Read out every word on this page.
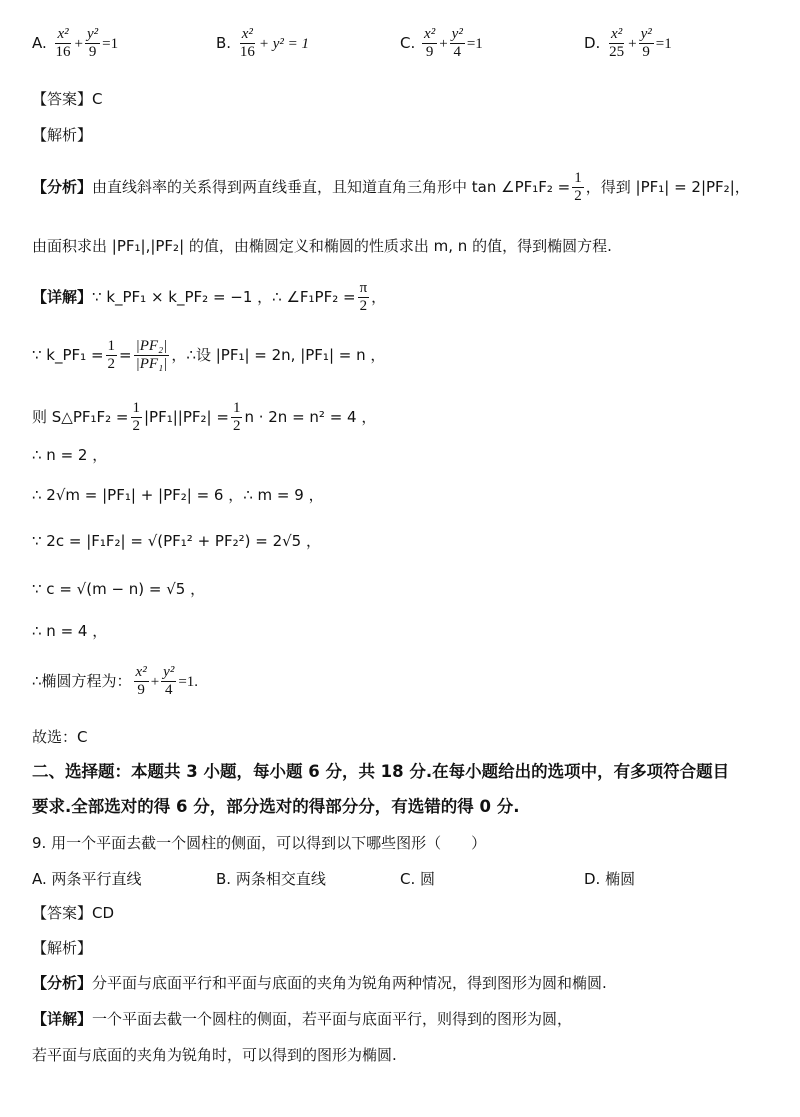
A. $\frac{\text{x²}}{16} + \frac{\text{y²}}{9} =1$	B. $\frac{\text{x²}}{16} + y^2 = 1$	C. $\frac{\text{x²}}{9} + \frac{\text{y²}}{4} =1$	D. $\frac{\text{x²}}{25} + \frac{\text{y²}}{9} =1$
【答案】C
【解析】
【分析】由直线斜率的关系得到两直线垂直，且知道直角三角形中 tan ∠PF₁F₂ = $\frac{1}{2}$ ，得到 |PF₁| = 2|PF₂|，
由面积求出 |PF₁|,|PF₂| 的值，由椭圆定义和椭圆的性质求出 m, n 的值，得到椭圆方程.
【详解】∵ k_PF₁ × k_PF₂ = −1 ，∴ ∠F₁PF₂ = $\frac{\pi}{2}$ ，
∵ k_PF₁ = $\frac{1}{2} = \frac{\text{|PF₂|}}{\text{|PF₁|}}$ ，∴设 |PF₁| = 2n, |PF₁| = n ，
则 S△PF₁F₂ = $\frac{1}{2} |PF_1||PF_2| = \frac{1}{2}$ n · 2n = n² = 4 ，
∴ n = 2 ，
∴ 2√m = |PF₁| + |PF₂| = 6 ，∴ m = 9 ，
∵ 2c = |F₁F₂| = √(PF₁² + PF₂²) = 2√5 ，
∵ c = √(m − n) = √5 ，
∴ n = 4 ，
∴椭圆方程为： $\frac{\text{x²}}{9} + \frac{\text{y²}}{4} =1$.
故选：C
二、选择题：本题共 3 小题，每小题 6 分，共 18 分.在每小题给出的选项中，有多项符合题目
要求.全部选对的得 6 分，部分选对的得部分分，有选错的得 0 分.
9. 用一个平面去截一个圆柱的侧面，可以得到以下哪些图形（　　）
A. 两条平行直线	B. 两条相交直线	C. 圆	D. 椭圆
【答案】CD
【解析】
【分析】分平面与底面平行和平面与底面的夹角为锐角两种情况，得到图形为圆和椭圆.
【详解】一个平面去截一个圆柱的侧面，若平面与底面平行，则得到的图形为圆，
若平面与底面的夹角为锐角时，可以得到的图形为椭圆.
